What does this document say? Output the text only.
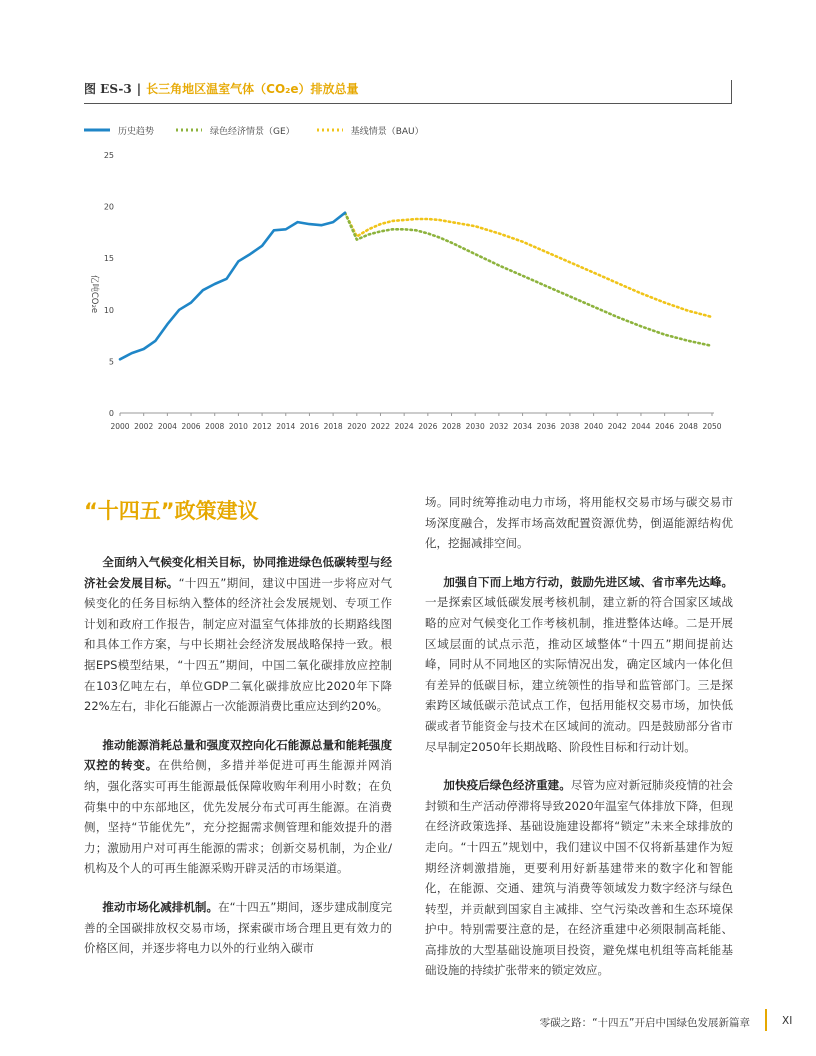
图 ES-3 | 长三角地区温室气体（CO₂e）排放总量
历史趋势	绿色经济情景（GE）	基线情景（BAU）
0
5
10
15
20
25
2000 2002 2004 2006 2008 2010 2012 2014 2016 2018 2020 2022 2024 2026 2028 2030 2032 2034 2036 2038 2040 2042 2044 2046 2048 2050
亿吨CO₂e
“十四五”政策建议

全面纳入气候变化相关目标，协同推进绿色低碳转型与经济社会发展目标。“十四五”期间，建议中国进一步将应对气候变化的任务目标纳入整体的经济社会发展规划、专项工作计划和政府工作报告，制定应对温室气体排放的长期路线图和具体工作方案，与中长期社会经济发展战略保持一致。根据EPS模型结果，“十四五”期间，中国二氧化碳排放应控制在103亿吨左右，单位GDP二氧化碳排放应比2020年下降22%左右，非化石能源占一次能源消费比重应达到约20%。

推动能源消耗总量和强度双控向化石能源总量和能耗强度双控的转变。在供给侧，多措并举促进可再生能源并网消纳，强化落实可再生能源最低保障收购年利用小时数；在负荷集中的中东部地区，优先发展分布式可再生能源。在消费侧，坚持“节能优先”，充分挖掘需求侧管理和能效提升的潜力；激励用户对可再生能源的需求；创新交易机制，为企业/机构及个人的可再生能源采购开辟灵活的市场渠道。

推动市场化减排机制。在“十四五”期间，逐步建成制度完善的全国碳排放权交易市场，探索碳市场合理且更有效力的价格区间，并逐步将电力以外的行业纳入碳市

场。同时统筹推动电力市场，将用能权交易市场与碳交易市场深度融合，发挥市场高效配置资源优势，倒逼能源结构优化，挖掘减排空间。

加强自下而上地方行动，鼓励先进区域、省市率先达峰。一是探索区域低碳发展考核机制，建立新的符合国家区域战略的应对气候变化工作考核机制，推进整体达峰。二是开展区域层面的试点示范，推动区域整体“十四五”期间提前达峰，同时从不同地区的实际情况出发，确定区域内一体化但有差异的低碳目标，建立统领性的指导和监管部门。三是探索跨区域低碳示范试点工作，包括用能权交易市场，加快低碳或者节能资金与技术在区域间的流动。四是鼓励部分省市尽早制定2050年长期战略、阶段性目标和行动计划。

加快疫后绿色经济重建。尽管为应对新冠肺炎疫情的社会封锁和生产活动停滞将导致2020年温室气体排放下降，但现在经济政策选择、基础设施建设都将“锁定”未来全球排放的走向。“十四五”规划中，我们建议中国不仅将新基建作为短期经济刺激措施，更要利用好新基建带来的数字化和智能化，在能源、交通、建筑与消费等领域发力数字经济与绿色转型，并贡献到国家自主减排、空气污染改善和生态环境保护中。特别需要注意的是，在经济重建中必须限制高耗能、高排放的大型基础设施项目投资，避免煤电机组等高耗能基础设施的持续扩张带来的锁定效应。

零碳之路：“十四五”开启中国绿色发展新篇章	XI
